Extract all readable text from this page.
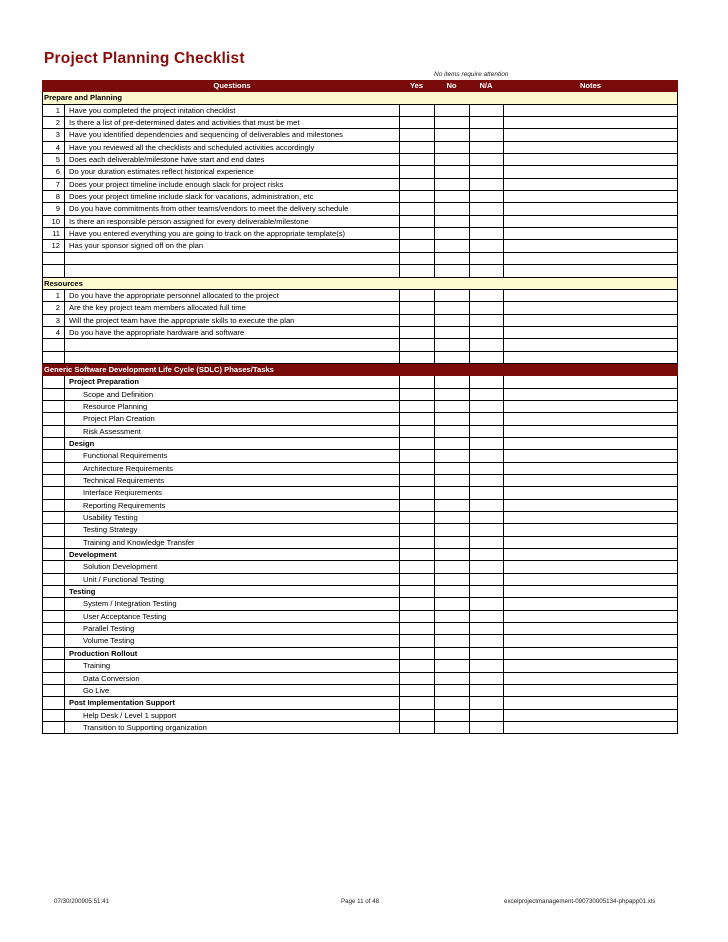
Project Planning Checklist
No items require attention
Questions	Yes	No	N/A	Notes
Prepare and Planning
1	Have you completed the project initation checklist
2	Is there a list of pre-determined dates and activities that must be met
3	Have you identified dependencies and sequencing of deliverables and milestones
4	Have you reviewed all the checklists and scheduled activities accordingly
5	Does each deliverable/milestone have start and end dates
6	Do your duration estimates reflect historical experience
7	Does your project timeline include enough slack for project risks
8	Does your project timeline include slack for vacations, administration, etc
9	Do you have commitments from other teams/vendors to meet the delivery schedule
10	Is there an responsible person assigned for every deliverable/milestone
11	Have you entered everything you are going to track on the appropriate template(s)
12	Has your sponsor signed off on the plan
Resources
1	Do you have the appropriate personnel allocated to the project
2	Are the key project team members allocated full time
3	Will the project team have the appropriate skills to execute the plan
4	Do you have the appropriate hardware and software
Generic Software Development Life Cycle (SDLC) Phases/Tasks
Project Preparation
Scope and Definition
Resource Planning
Project Plan Creation
Risk Assessment
Design
Functional Requirements
Architecture Requirements
Technical Requirements
Interface Reqiurements
Reporting Requirements
Usability Testing
Testing Strategy
Training and Knowledge Transfer
Development
Solution Development
Unit / Functional Testing
Testing
System / Integration Testing
User Acceptance Testing
Parallel Testing
Volume Testing
Production Rollout
Training
Data Conversion
Go Live
Post Implementation Support
Help Desk / Level 1 support
Transition to Supporting organization
07/30/200905:51:41	Page 11 of 48	excelprojectmanagement-090730005134-phpapp01.xls
